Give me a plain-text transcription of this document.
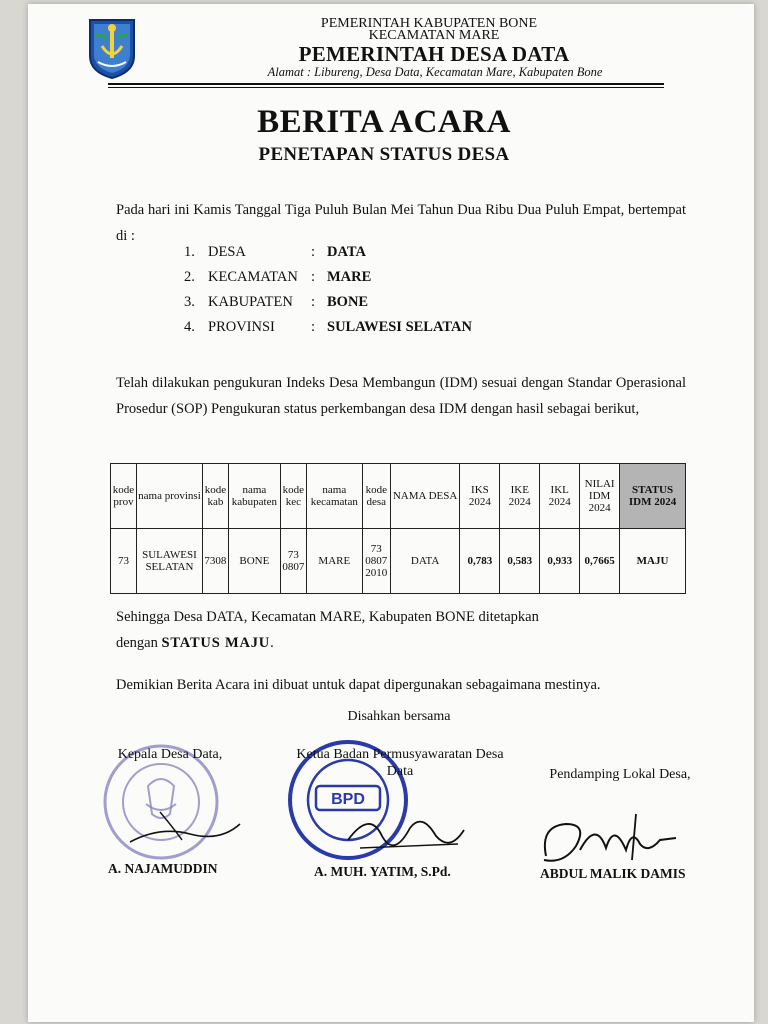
PEMERINTAH KABUPATEN BONE
KECAMATAN MARE
PEMERINTAH DESA DATA
Alamat : Libureng, Desa Data, Kecamatan Mare, Kabupaten Bone
BERITA ACARA
PENETAPAN STATUS DESA
Pada hari ini Kamis Tanggal Tiga Puluh Bulan Mei Tahun Dua Ribu Dua Puluh Empat, bertempat di :
1. DESA	: DATA
2. KECAMATAN : MARE
3. KABUPATEN : BONE
4. PROVINSI : SULAWESI SELATAN
Telah dilakukan pengukuran Indeks Desa Membangun (IDM) sesuai dengan Standar Operasional Prosedur (SOP) Pengukuran status perkembangan desa IDM dengan hasil sebagai berikut,
kode prov	nama provinsi	kode kab	nama kabupaten	kode kec	nama kecamatan	kode desa	NAMA DESA	IKS 2024	IKE 2024	IKL 2024	NILAI IDM 2024	STATUS IDM 2024
73	SULAWESI SELATAN	7308	BONE	73 0807	MARE	73 0807 2010	DATA	0,783	0,583	0,933	0,7665	MAJU
Sehingga Desa DATA, Kecamatan MARE, Kabupaten BONE ditetapkan
dengan STATUS MAJU.
Demikian Berita Acara ini dibuat untuk dapat dipergunakan sebagaimana mestinya.
Disahkan bersama
BPD
Kepala Desa Data,	Ketua Badan Permusyawaratan Desa Data	Pendamping Lokal Desa,
A. NAJAMUDDIN	A. MUH. YATIM, S.Pd.	ABDUL MALIK DAMIS
